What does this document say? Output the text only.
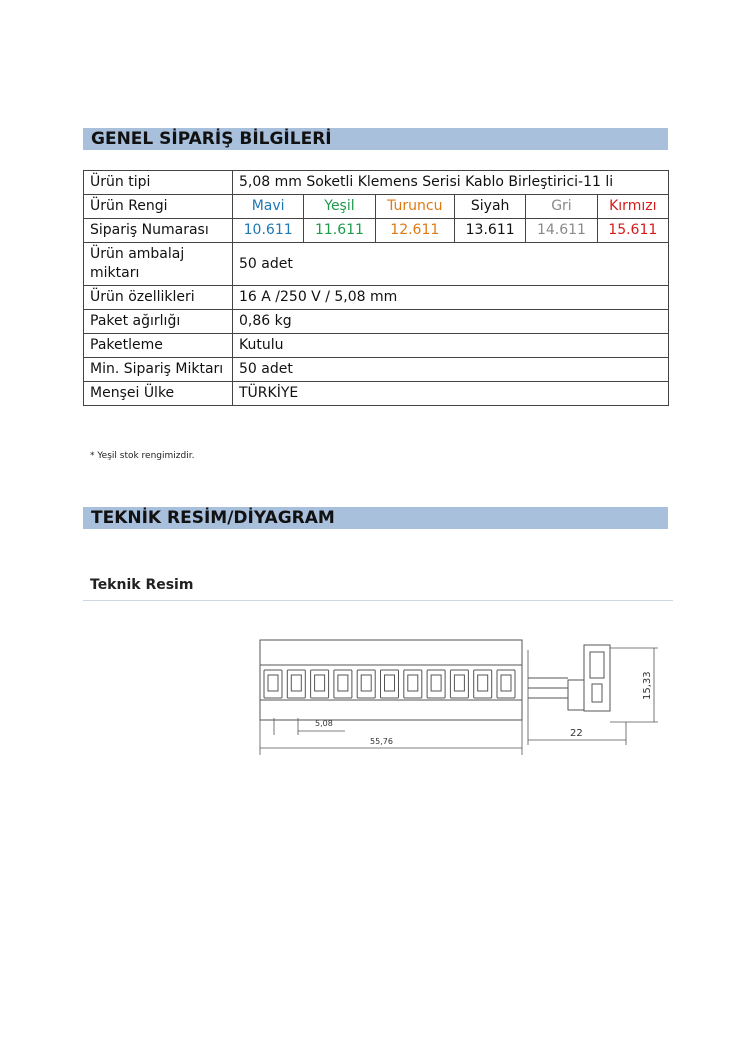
GENEL SİPARİŞ BİLGİLERİ
Ürün tipi	5,08 mm Soketli Klemens Serisi Kablo Birleştirici-11 li					
Ürün Rengi	Mavi	Yeşil	Turuncu	Siyah	Gri	Kırmızı
Sipariş Numarası	10.611	11.611	12.611	13.611	14.611	15.611
Ürün ambalaj miktarı	50 adet					
Ürün özellikleri	16 A /250 V / 5,08 mm					
Paket ağırlığı	0,86 kg					
Paketleme	Kutulu					
Min. Sipariş Miktarı	50 adet					
Menşei Ülke	TÜRKİYE					
* Yeşil stok rengimizdir.
TEKNİK RESİM/DİYAGRAM
Teknik Resim
5,08
55,76
22
15,33
